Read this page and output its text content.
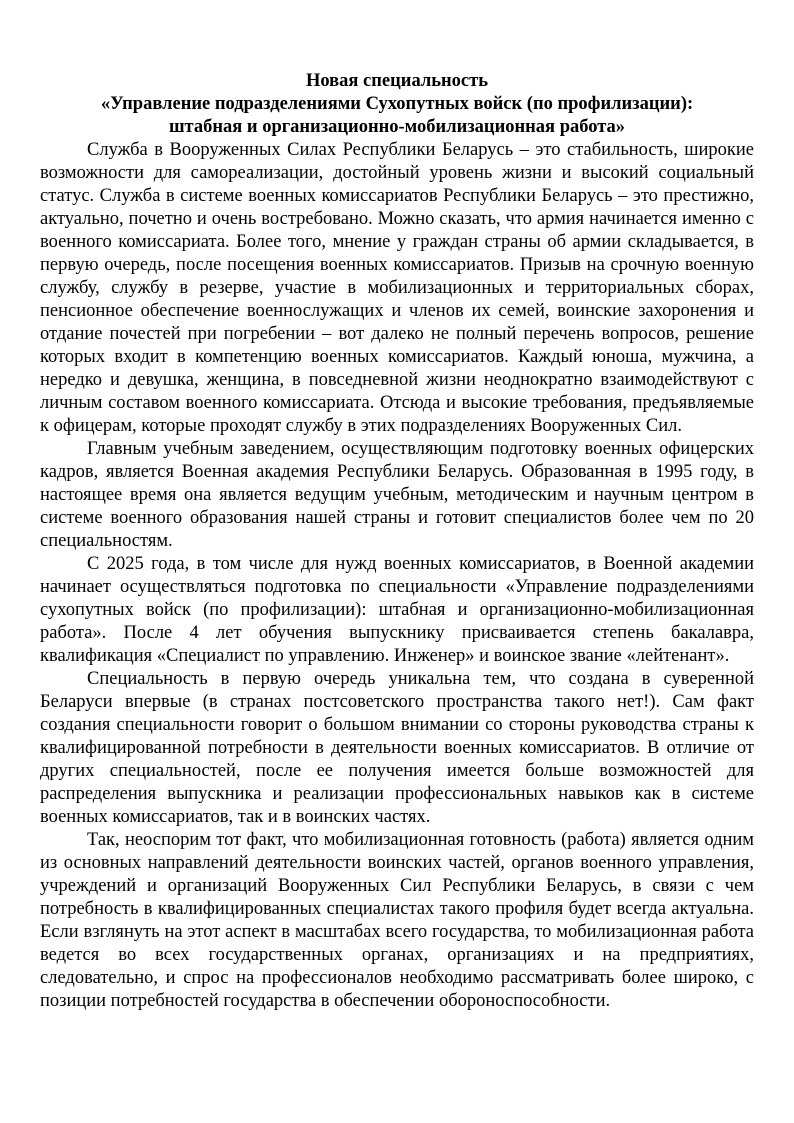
Новая специальность
«Управление подразделениями Сухопутных войск (по профилизации):
штабная и организационно-мобилизационная работа»

Служба в Вооруженных Силах Республики Беларусь – это стабильность, широкие возможности для самореализации, достойный уровень жизни и высокий социальный статус. Служба в системе военных комиссариатов Республики Беларусь – это престижно, актуально, почетно и очень востребовано. Можно сказать, что армия начинается именно с военного комиссариата. Более того, мнение у граждан страны об армии складывается, в первую очередь, после посещения военных комиссариатов. Призыв на срочную военную службу, службу в резерве, участие в мобилизационных и территориальных сборах, пенсионное обеспечение военнослужащих и членов их семей, воинские захоронения и отдание почестей при погребении – вот далеко не полный перечень вопросов, решение которых входит в компетенцию военных комиссариатов. Каждый юноша, мужчина, а нередко и девушка, женщина, в повседневной жизни неоднократно взаимодействуют с личным составом военного комиссариата. Отсюда и высокие требования, предъявляемые к офицерам, которые проходят службу в этих подразделениях Вооруженных Сил.

Главным учебным заведением, осуществляющим подготовку военных офицерских кадров, является Военная академия Республики Беларусь. Образованная в 1995 году, в настоящее время она является ведущим учебным, методическим и научным центром в системе военного образования нашей страны и готовит специалистов более чем по 20 специальностям.

С 2025 года, в том числе для нужд военных комиссариатов, в Военной академии начинает осуществляться подготовка по специальности «Управление подразделениями сухопутных войск (по профилизации): штабная и организационно-мобилизационная работа». После 4 лет обучения выпускнику присваивается степень бакалавра, квалификация «Специалист по управлению. Инженер» и воинское звание «лейтенант».

Специальность в первую очередь уникальна тем, что создана в суверенной Беларуси впервые (в странах постсоветского пространства такого нет!). Сам факт создания специальности говорит о большом внимании со стороны руководства страны к квалифицированной потребности в деятельности военных комиссариатов. В отличие от других специальностей, после ее получения имеется больше возможностей для распределения выпускника и реализации профессиональных навыков как в системе военных комиссариатов, так и в воинских частях.

Так, неоспорим тот факт, что мобилизационная готовность (работа) является одним из основных направлений деятельности воинских частей, органов военного управления, учреждений и организаций Вооруженных Сил Республики Беларусь, в связи с чем потребность в квалифицированных специалистах такого профиля будет всегда актуальна. Если взглянуть на этот аспект в масштабах всего государства, то мобилизационная работа ведется во всех государственных органах, организациях и на предприятиях, следовательно, и спрос на профессионалов необходимо рассматривать более широко, с позиции потребностей государства в обеспечении обороноспособности.
